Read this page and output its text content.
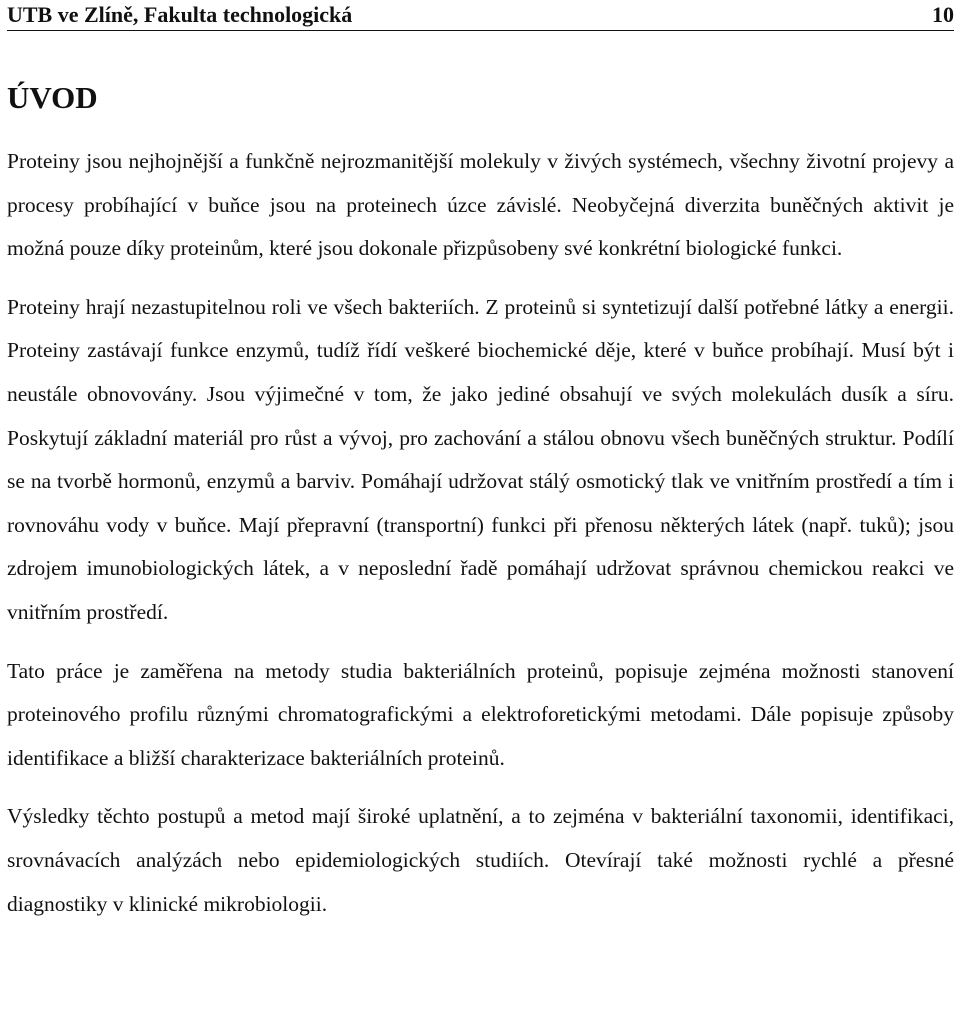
UTB ve Zlíně, Fakulta technologická	10
ÚVOD

Proteiny jsou nejhojnější a funkčně nejrozmanitější molekuly v živých systémech, všechny životní projevy a procesy probíhající v buňce jsou na proteinech úzce závislé. Neobyčejná diverzita buněčných aktivit je možná pouze díky proteinům, které jsou dokonale přizpůsobeny své konkrétní biologické funkci.

Proteiny hrají nezastupitelnou roli ve všech bakteriích. Z proteinů si syntetizují další potřebné látky a energii. Proteiny zastávají funkce enzymů, tudíž řídí veškeré biochemické děje, které v buňce probíhají. Musí být i neustále obnovovány. Jsou výjimečné v tom, že jako jediné obsahují ve svých molekulách dusík a síru. Poskytují základní materiál pro růst a vývoj, pro zachování a stálou obnovu všech buněčných struktur. Podílí se na tvorbě hormonů, enzymů a barviv. Pomáhají udržovat stálý osmotický tlak ve vnitřním prostředí a tím i rovnováhu vody v buňce. Mají přepravní (transportní) funkci při přenosu některých látek (např. tuků); jsou zdrojem imunobiologických látek, a v neposlední řadě pomáhají udržovat správnou chemickou reakci ve vnitřním prostředí.

Tato práce je zaměřena na metody studia bakteriálních proteinů, popisuje zejména možnosti stanovení proteinového profilu různými chromatografickými a elektroforetickými metodami. Dále popisuje způsoby identifikace a bližší charakterizace bakteriálních proteinů.

Výsledky těchto postupů a metod mají široké uplatnění, a to zejména v bakteriální taxonomii, identifikaci, srovnávacích analýzách nebo epidemiologických studiích. Otevírají také možnosti rychlé a přesné diagnostiky v klinické mikrobiologii.
